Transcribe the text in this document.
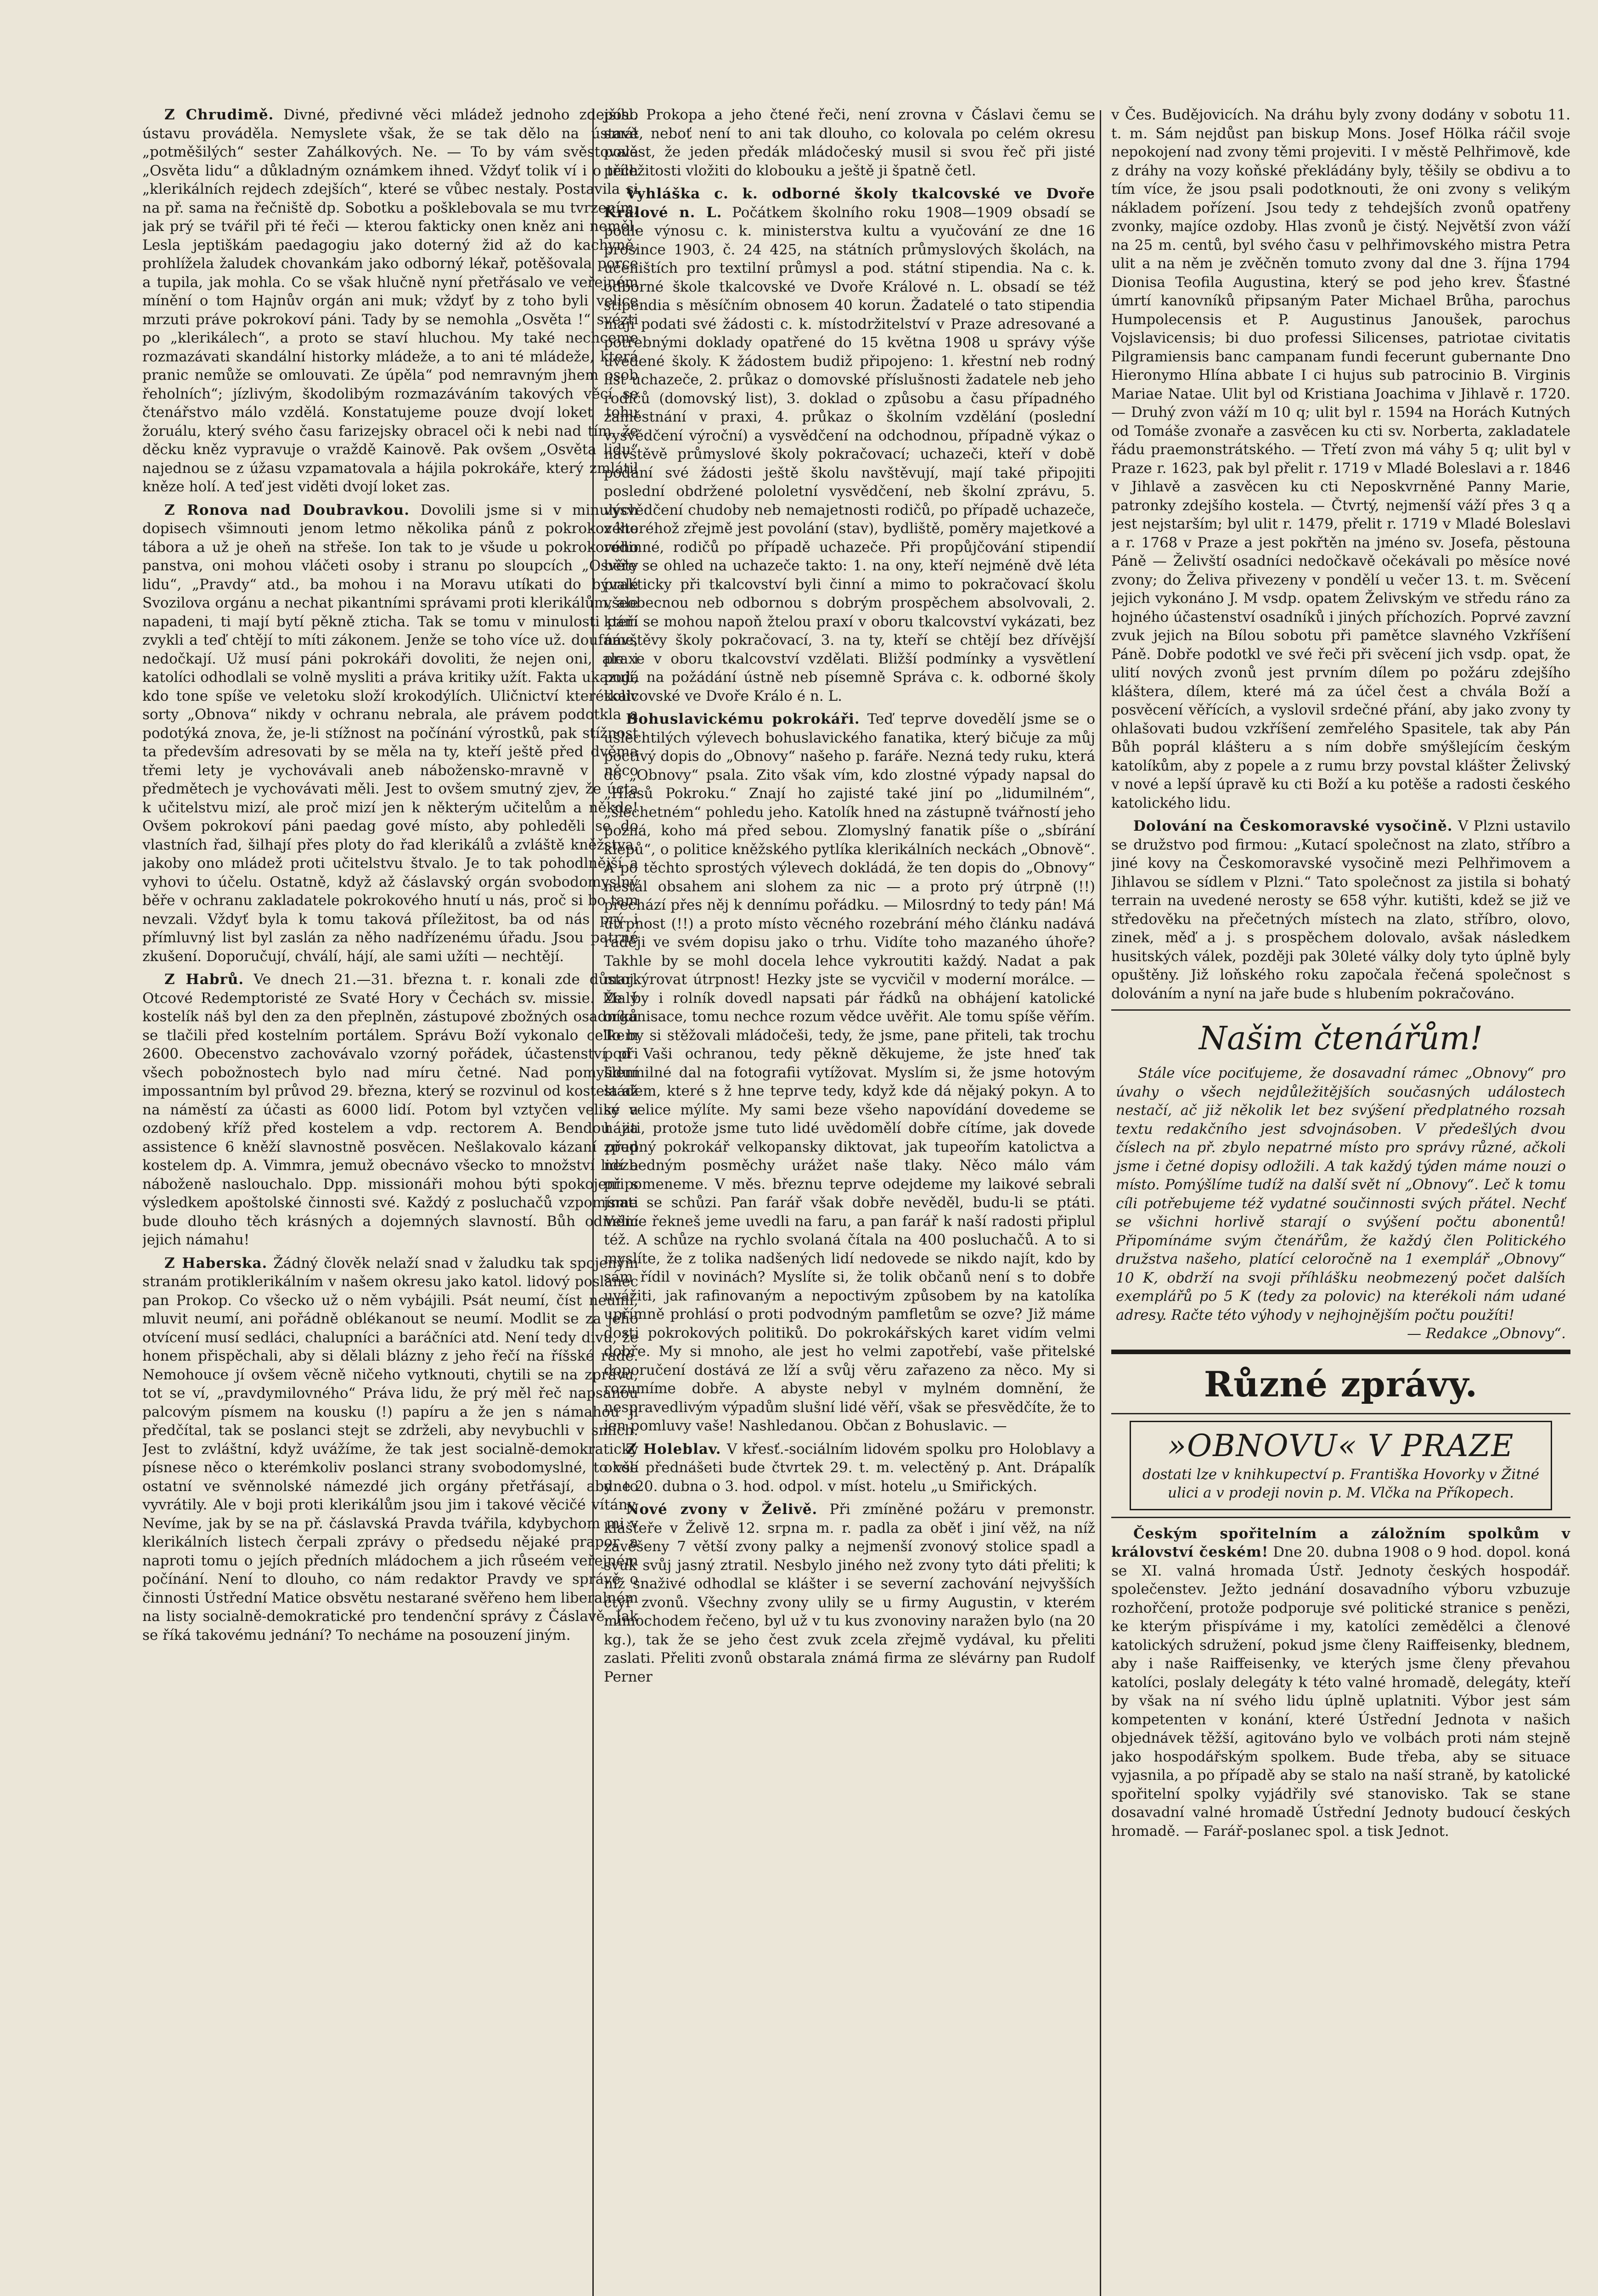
Z Chrudimě. Divné, předivné věci mládež jednoho zdejšího ústavu prováděla. Nemyslete však, že se tak dělo na ústavě „potměšilých“ sester Zahálkových. Ne. — To by vám svěstovala „Osvěta lidu“ a důkladným oznámkem ihned. Vždyť tolik ví i o těch „klerikálních rejdech zdejších“, které se vůbec nestaly. Postavila si na př. sama na řečniště dp. Sobotku a pošklebovala se mu tvrzením, jak prý se tvářil při té řeči — kterou fakticky onen kněz ani neměl. Lesla jeptiškám paedagogiu jako doterný žid až do kachyně, prohlížela žaludek chovankám jako odborný lékař, potěšovala porce a tupila, jak mohla. Co se však hlučně nyní přetřásalo ve veřejném mínění o tom Hajnův orgán ani muk; vždyť by z toho byli velice mrzuti práve pokrokoví páni. Tady by se nemohla „Osvěta !“ svézti po „klerikálech“, a proto se staví hluchou. My také nechceme rozmazávati skandální historky mládeže, a to ani té mládeže, která pranic nemůže se omlouvati. Ze úpěla“ pod nemravným jhem osob řeholních“; jízlivým, škodolibým rozmazáváním takových věcí se čtenářstvo málo vzdělá. Konstatujeme pouze dvojí loket tohu žoruálu, který svého času farizejsky obracel oči k nebi nad tím, že děcku kněz vypravuje o vraždě Kainově. Pak ovšem „Osvěta lidu“ najednou se z úžasu vzpamatovala a hájila pokrokáře, který zmlátil kněze holí. A teď jest viděti dvojí loket zas.

Z Ronova nad Doubravkou. Dovolili jsme si v minulých dopisech všimnouti jenom letmo několika pánů z pokrokového tábora a už je oheň na střeše. Ion tak to je všude u pokrokového panstva, oni mohou vláčeti osoby i stranu po sloupcích „Osvěty lidu“, „Pravdy“ atd., ba mohou i na Moravu utíkati do bývalé Svozilova orgánu a nechat pikantními správami proti klerikálům, ale napadeni, ti mají bytí pěkně zticha. Tak se tomu v minulosti páni zvykli a teď chtějí to míti zákonem. Jenže se toho více už. doufáme, nedočkají. Už musí páni pokrokáři dovoliti, že nejen oni, ale i katolíci odhodlali se volně mysliti a práva kritiky užít. Fakta ukazují, kdo tone spíše ve veletoku složí krokodýlích. Uličnictví kterékoliv sorty „Obnova“ nikdy v ochranu nebrala, ale právem podotkla a podotýká znova, že, je-li stížnost na počínání výrostků, pak stížnost ta především adresovati by se měla na ty, kteří ještě před dvěma třemi lety je vychovávali aneb nábožensko-mravně v něco předmětech je vychovávati měli. Jest to ovšem smutný zjev, že úcta k učitelstvu mizí, ale proč mizí jen k některým učitelům a někde! Ovšem pokrokoví páni paedag gové místo, aby pohleděli se do vlastních řad, šilhají přes ploty do řad klerikálů a zvláště kněžstva, jakoby ono mládež proti učitelstvu štvalo. Je to tak pohodlnější a vyhovi to účelu. Ostatně, když až čáslavský orgán svobodomyslný běře v ochranu zakladatele pokrokového hnutí u nás, proč si bo tam nevzali. Vždyť byla k tomu taková příležitost, ba od nás prý i přímluvný list byl zaslán za něho nadřízenému úřadu. Jsou patrné zkušení. Doporučují, chválí, hájí, ale sami užíti — nechtějí.

Z Habrů. Ve dnech 21.—31. března t. r. konali zde důstoj. Otcové Redemptoristé ze Svaté Hory v Čechách sv. missie. Malý kostelík náš byl den za den přeplněn, zástupové zbožných osadníků se tlačili před kostelním portálem. Správu Boží vykonalo celkem 2600. Obecenstvo zachovávalo vzorný pořádek, účastenství při všech pobožnostech bylo nad míru četné. Nad pomyšlení impossantním byl průvod 29. března, který se rozvinul od kostela až na náměstí za účasti as 6000 lidí. Potom byl vztyčen veliký a ozdobený kříž před kostelem a vdp. rectorem A. Bendou za assistence 6 kněží slavnostně posvěcen. Nešlakovalo kázaní před kostelem dp. A. Vimmra, jemuž obecnávo všecko to množství lidí a náboženě naslouchalo. Dpp. missionáři mohou býti spokojeni s výsledkem apoštolské činnosti své. Každý z posluchačů vzpomínati bude dlouho těch krásných a dojemných slavností. Bůh odmění jejich námahu!

Z Haberska. Žádný člověk nelaží snad v žaludku tak spojeným stranám protiklerikálním v našem okresu jako katol. lidový poslanec pan Prokop. Co všecko už o něm vybájili. Psát neumí, číst neumí, mluvit neumí, ani pořádně oblékanout se neumí. Modlit se za jeho otvícení musí sedláci, chalupníci a baráčníci atd. Není tedy divu, že honem přispěchali, aby si dělali blázny z jeho řečí na říšské radě. Nemohouce jí ovšem věcně ničeho vytknouti, chytili se na zprávu, tot se ví, „pravdymilovného“ Práva lidu, že prý měl řeč napsanou palcovým písmem na kousku (!) papíru a že jen s námahou ji předčítal, tak se poslanci stejt se zdrželi, aby nevybuchli v smích. Jest to zvláštní, když uvážíme, že tak jest socialně-demokratický písnese něco o kterémkoliv poslanci strany svobodomyslné, to vše ostatní ve svěnnolské námezdé jich orgány přetřásají, aby to vyvrátily. Ale v boji proti klerikálům jsou jim i takové věcičé vítány. Nevíme, jak by se na př. čáslavská Pravda tvářila, kdybychom mi v klerikálních listech čerpali zprávy o předsedu nějaké prapor a naproti tomu o jejích předních mládochem a jich růseém veřejném počínání. Není to dlouho, co nám redaktor Pravdy ve správě o činnosti Ústřední Matice obsvětu nestarané svěřeno hem liberalném na listy socialně-demokratické pro tendenční správy z Čáslavě. Jak se říká takovému jednání? To necháme na posouzení jiným.

posl. Prokopa a jeho čtené řeči, není zrovna v Čáslavi čemu se smát, neboť není to ani tak dlouho, co kolovala po celém okresu pověst, že jeden předák mládočeský musil si svou řeč při jisté příležitosti vložiti do klobouku a ještě ji špatně četl.

Vyhláška c. k. odborné školy tkalcovské ve Dvoře Králové n. L. Počátkem školního roku 1908—1909 obsadí se podle výnosu c. k. ministerstva kultu a vyučování ze dne 16 prosince 1903, č. 24 425, na státních průmyslových školách, na učeništích pro textilní průmysl a pod. státní stipendia. Na c. k. odborné škole tkalcovské ve Dvoře Králové n. L. obsadí se též stipendia s měsíčním obnosem 40 korun. Žadatelé o tato stipendia mají podati své žádosti c. k. místodržitelství v Praze adresované a potřebnými doklady opatřené do 15 května 1908 u správy výše uvedené školy. K žádostem budiž připojeno: 1. křestní neb rodný list uchazeče, 2. průkaz o domovské příslušnosti žadatele neb jeho rodičů (domovský list), 3. doklad o způsobu a času případného zaměstnání v praxi, 4. průkaz o školním vzdělání (poslední vysvědčení výroční) a vysvědčení na odchodnou, případně výkaz o návštěvě průmyslové školy pokračovací; uchazeči, kteří v době podání své žádosti ještě školu navštěvují, mají také připojiti poslední obdržené pololetní vysvědčení, neb školní zprávu, 5. vysvědčení chudoby neb nemajetnosti rodičů, po případě uchazeče, z kteréhož zřejmě jest povolání (stav), bydliště, poměry majetkové a rodinné, rodičů po případě uchazeče. Při propůjčování stipendií běře se ohled na uchazeče takto: 1. na ony, kteří nejméně dvě léta prakticky při tkalcovství byli činní a mimo to pokračovací školu všeobecnou neb odbornou s dobrým prospěchem absolvovali, 2. kteří se mohou napoň žtelou praxí v oboru tkalcovství vykázati, bez návštěvy školy pokračovací, 3. na ty, kteří se chtějí bez dřívější praxe v oboru tkalcovství vzdělati. Bližší podmínky a vysvětlení podá na požádání ústně neb písemně Správa c. k. odborné školy tkalcovské ve Dvoře Králo é n. L.

Bohuslavickému pokrokáři. Teď teprve dovedělí jsme se o ušlechtilých výlevech bohuslavického fanatika, který bičuje za můj poctivý dopis do „Obnovy“ našeho p. faráře. Nezná tedy ruku, která do „Obnovy“ psala. Zito však vím, kdo zlostné výpady napsal do „Hlasů Pokroku.“ Znají ho zajisté také jiní po „lidumilném“, „šlechetném“ pohledu jeho. Katolík hned na zástupně tvářností jeho pozná, koho má před sebou. Zlomyslný fanatik píše o „sbírání klepů“, o politice kněžského pytlíka klerikálních neckách „Obnově“. A po těchto sprostých výlevech dokládá, že ten dopis do „Obnovy“ nestál obsahem ani slohem za nic — a proto prý útrpně (!!) přechází přes něj k dennímu pořádku. — Milosrdný to tedy pán! Má útrpnost (!!) a proto místo věcného rozebrání mého článku nadává raději ve svém dopisu jako o trhu. Vidíte toho mazaného úhoře? Takhle by se mohl docela lehce vykroutiti každý. Nadat a pak markýrovat útrpnost! Hezky jste se vycvičil v moderní morálce. — Že by i rolník dovedl napsati pár řádků na obhájení katolické organisace, tomu nechce rozum vědce uvěřit. Ale tomu spíše věřím. To by si stěžovali mládočeši, tedy, že jsme, pane přiteli, tak trochu pod Vaši ochranou, tedy pěkně děkujeme, že jste hneď tak lidumilné dal na fotografii vytížovat. Myslím si, že jsme hotovým stádem, které s ž hne teprve tedy, když kde dá nějaký pokyn. A to se velice mýlíte. My sami beze všeho napovídání dovedeme se hájiti, protože jsme tuto lidé uvědomělí dobře cítíme, jak dovede zpupný pokrokář velkopansky diktovat, jak tupeořím katolictva a nezbedným posměchy urážet naše tlaky. Něco málo vám připomeneme. V měs. březnu teprve odejdeme my laikové sebrali jsme se schůzi. Pan farář však dobře nevěděl, budu-li se ptáti. Velice řekneš jeme uvedli na faru, a pan farář k naší radosti připlul též. A schůze na rychlo svolaná čítala na 400 posluchačů. A to si myslíte, že z tolika nadšených lidí nedovede se nikdo najít, kdo by sám řídil v novinách? Myslíte si, že tolik občanů není s to dobře uvážiti, jak rafinovaným a nepoctivým způsobem by na katolíka upřímně prohlásí o proti podvodným pamfletům se ozve? Již máme dosti pokrokových politiků. Do pokrokářských karet vidím velmi dobře. My si mnoho, ale jest ho velmi zapotřebí, vaše přitelské doporučení dostává ze lží a svůj věru zařazeno za něco. My si rozumíme dobře. A abyste nebyl v mylném domnění, že nespravedlivým výpadům slušní lidé věří, však se přesvědčíte, že to jen pomluvy vaše! Nashledanou. Občan z Bohuslavic. —

Z Holeblav. V křesť.-sociálním lidovém spolku pro Holoblavy a okolí přednášeti bude čtvrtek 29. t. m. velectěný p. Ant. Drápalík dne 20. dubna o 3. hod. odpol. v míst. hotelu „u Smiřických.

Nové zvony v Želivě. Při zmíněné požáru v premonstr. klášteře v Želivě 12. srpna m. r. padla za oběť i jiní věž, na níž zavěšeny 7 větší zvony palky a nejmenší zvonový stolice spadl a svuk svůj jasný ztratil. Nesbylo jiného než zvony tyto dáti přeliti; k níž snaživé odhodlal se klášter i se severní zachování nejvyšších čtyř zvonů. Všechny zvony ulily se u firmy Augustin, v kterém mimochodem řečeno, byl už v tu kus zvonoviny naražen bylo (na 20 kg.), tak že se jeho čest zvuk zcela zřejmě vydával, ku přeliti zaslati. Přeliti zvonů obstarala známá firma ze slévárny pan Rudolf Perner

v Čes. Budějovicích. Na dráhu byly zvony dodány v sobotu 11. t. m. Sám nejdůst pan biskup Mons. Josef Hölka ráčil svoje nepokojení nad zvony těmi projeviti. I v městě Pelhřimově, kde z dráhy na vozy koňské překládány byly, těšily se obdivu a to tím více, že jsou psali podotknouti, že oni zvony s velikým nákladem pořízení. Jsou tedy z tehdejších zvonů opatřeny zvonky, majíce ozdoby. Hlas zvonů je čistý. Největší zvon váží na 25 m. centů, byl svého času v pelhřimovského mistra Petra ulit a na něm je zvěčněn tomuto zvony dal dne 3. října 1794 Dionisa Teofila Augustina, který se pod jeho krev. Šťastné úmrtí kanovníků připsaným Pater Michael Brůha, parochus Humpolecensis et P. Augustinus Janoušek, parochus Vojslavicensis; bi duo professi Silicenses, patriotae civitatis Pilgramiensis banc campanam fundi fecerunt gubernante Dno Hieronymo Hlína abbate I ci hujus sub patrocinio B. Virginis Mariae Natae. Ulit byl od Kristiana Joachima v Jihlavě r. 1720. — Druhý zvon váží m 10 q; ulit byl r. 1594 na Horách Kutných od Tomáše zvonaře a zasvěcen ku cti sv. Norberta, zakladatele řádu praemonstrátského. — Třetí zvon má váhy 5 q; ulit byl v Praze r. 1623, pak byl přelit r. 1719 v Mladé Boleslavi a r. 1846 v Jihlavě a zasvěcen ku cti Neposkvrněné Panny Marie, patronky zdejšího kostela. — Čtvrtý, nejmenší váží přes 3 q a jest nejstarším; byl ulit r. 1479, přelit r. 1719 v Mladé Boleslavi a r. 1768 v Praze a jest pokřtěn na jméno sv. Josefa, pěstouna Páně — Želivští osadníci nedočkavě očekávali po měsíce nové zvony; do Želiva přivezeny v pondělí u večer 13. t. m. Svěcení jejich vykonáno J. M vsdp. opatem Želivským ve středu ráno za hojného účastenství osadníků i jiných příchozích. Poprvé zavzní zvuk jejich na Bílou sobotu při pamětce slavného Vzkříšení Páně. Dobře podotkl ve své řeči při svěcení jich vsdp. opat, že ulití nových zvonů jest prvním dílem po požáru zdejšího kláštera, dílem, které má za účel čest a chvála Boží a posvěcení věřících, a vyslovil srdečné přání, aby jako zvony ty ohlašovati budou vzkříšení zemřelého Spasitele, tak aby Pán Bůh poprál klášteru a s ním dobře smýšlejícím českým katolíkům, aby z popele a z rumu brzy povstal klášter Želivský v nové a lepší úpravě ku cti Boží a ku potěše a radosti českého katolického lidu.

Dolování na Českomoravské vysočině. V Plzni ustavilo se družstvo pod firmou: „Kutací společnost na zlato, stříbro a jiné kovy na Českomoravské vysočině mezi Pelhřimovem a Jihlavou se sídlem v Plzni.“ Tato společnost za jistila si bohatý terrain na uvedené nerosty se 658 výhr. kutišti, kdež se již ve středověku na přečetných místech na zlato, stříbro, olovo, zinek, měď a j. s prospěchem dolovalo, avšak následkem husitských válek, později pak 30leté války doly tyto úplně byly opuštěny. Již loňského roku započala řečená společnost s dolováním a nyní na jaře bude s hlubením pokračováno.

Našim čtenářům!

Stále více pociťujeme, že dosavadní rámec „Obnovy“ pro úvahy o všech nejdůležitějších současných událostech nestačí, ač již několik let bez svýšení předplatného rozsah textu redakčního jest sdvojnásoben. V předešlých dvou číslech na př. zbylo nepatrné místo pro správy různé, ačkoli jsme i četné dopisy odložili. A tak každý týden máme nouzi o místo. Pomýšlíme tudíž na další svět ní „Obnovy“. Leč k tomu cíli potřebujeme též vydatné součinnosti svých přátel. Nechť se všichni horlivě starají o svýšení počtu abonentů! Připomínáme svým čtenářům, že každý člen Politického družstva našeho, platící celoročně na 1 exemplář „Obnovy“ 10 K, obdrží na svoji příhlášku neobmezený počet dalších exemplářů po 5 K (tedy za polovic) na kterékoli nám udané adresy. Račte této výhody v nejhojnějším počtu použíti!

— Redakce „Obnovy“.
Různé zprávy.
»OBNOVU« V PRAZE
dostati lze v knihkupectví p. Františka Hovorky v Žitné ulici a v prodeji novin p. M. Vlčka na Příkopech.

Českým spořitelním a záložním spolkům v království českém! Dne 20. dubna 1908 o 9 hod. dopol. koná se XI. valná hromada Ústř. Jednoty českých hospodář. společenstev. Ježto jednání dosavadního výboru vzbuzuje rozhořčení, protože podporuje své politické stranice s penězi, ke kterým přispíváme i my, katolíci zemědělci a členové katolických sdružení, pokud jsme členy Raiffeisenky, blednem, aby i naše Raiffeisenky, ve kterých jsme členy převahou katolíci, poslaly delegáty k této valné hromadě, delegáty, kteří by však na ní svého lidu úplně uplatniti. Výbor jest sám kompetenten v konání, které Ústřední Jednota v našich objednávek těžší, agitováno bylo ve volbách proti nám stejně jako hospodářským spolkem. Bude třeba, aby se situace vyjasnila, a po případě aby se stalo na naší straně, by katolické spořitelní spolky vyjádřily své stanovisko. Tak se stane dosavadní valné hromadě Ústřední Jednoty budoucí českých hromadě. — Farář-poslanec spol. a tisk Jednot.
